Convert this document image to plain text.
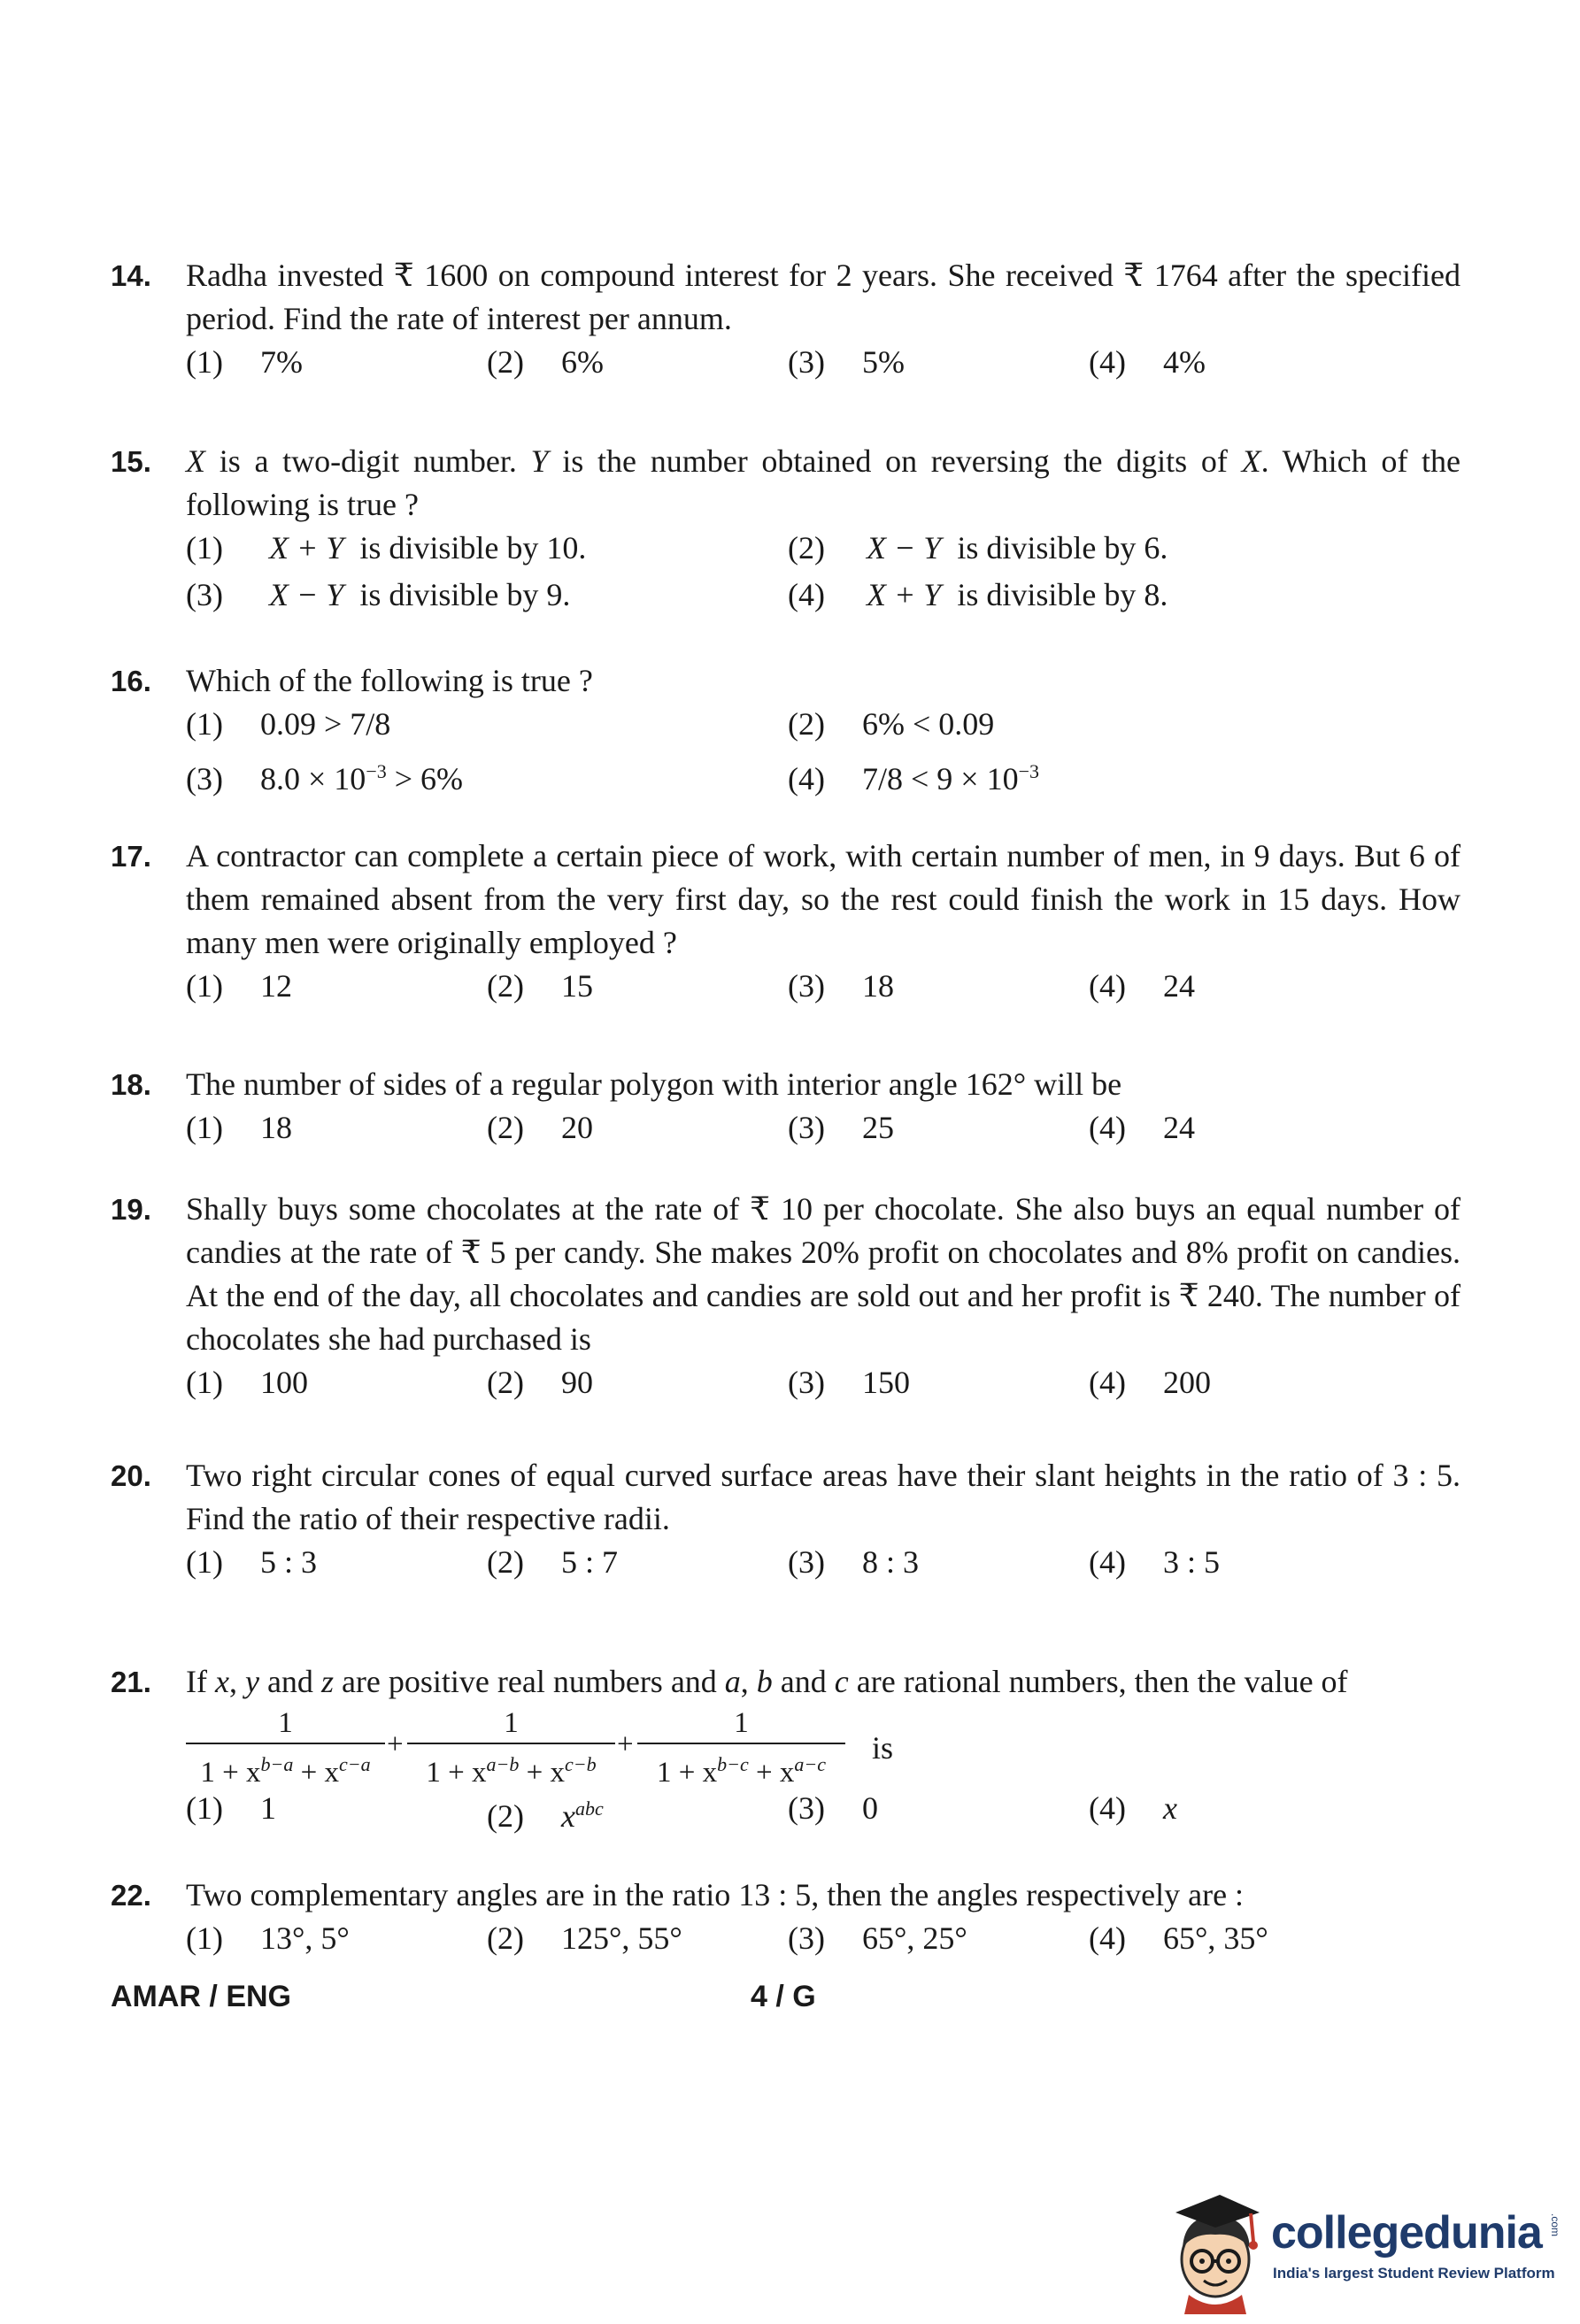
14. Radha invested ₹ 1600 on compound interest for 2 years. She received ₹ 1764 after the specified period. Find the rate of interest per annum.
(1) 7%	(2) 6%	(3) 5%	(4) 4%
15. X is a two-digit number. Y is the number obtained on reversing the digits of X. Which of the following is true ?
(1) X + Y is divisible by 10.	(2) X − Y is divisible by 6.
(3) X − Y is divisible by 9.	(4) X + Y is divisible by 8.
16. Which of the following is true ?
(1) 0.09 > 7/8	(2) 6% < 0.09
(3) $8.0 \times 10^{-3} > 6\%$	(4) $7/8 < 9 \times 10^{-3}$
17. A contractor can complete a certain piece of work, with certain number of men, in 9 days. But 6 of them remained absent from the very first day, so the rest could finish the work in 15 days. How many men were originally employed ?
(1) 12	(2) 15	(3) 18	(4) 24
18. The number of sides of a regular polygon with interior angle 162° will be
(1) 18	(2) 20	(3) 25	(4) 24
19. Shally buys some chocolates at the rate of ₹ 10 per chocolate. She also buys an equal number of candies at the rate of ₹ 5 per candy. She makes 20% profit on chocolates and 8% profit on candies. At the end of the day, all chocolates and candies are sold out and her profit is ₹ 240. The number of chocolates she had purchased is
(1) 100	(2) 90	(3) 150	(4) 200
20. Two right circular cones of equal curved surface areas have their slant heights in the ratio of 3 : 5. Find the ratio of their respective radii.
(1) 5 : 3	(2) 5 : 7	(3) 8 : 3	(4) 3 : 5
21. If x, y and z are positive real numbers and a, b and c are rational numbers, then the value of
1
$1 + x^{b-a} + x^{c-a}$
+
1
$1 + x^{a-b} + x^{c-b}$
+
1
$1 + x^{b-c} + x^{a-c}$	is
(1) 1	(2) $x^{abc}$	(3) 0	(4) x
22. Two complementary angles are in the ratio 13 : 5, then the angles respectively are :
(1) 13°, 5°	(2) 125°, 55°	(3) 65°, 25°	(4) 65°, 35°
AMAR / ENG	4 / G
collegedunia .com
India's largest Student Review Platform
